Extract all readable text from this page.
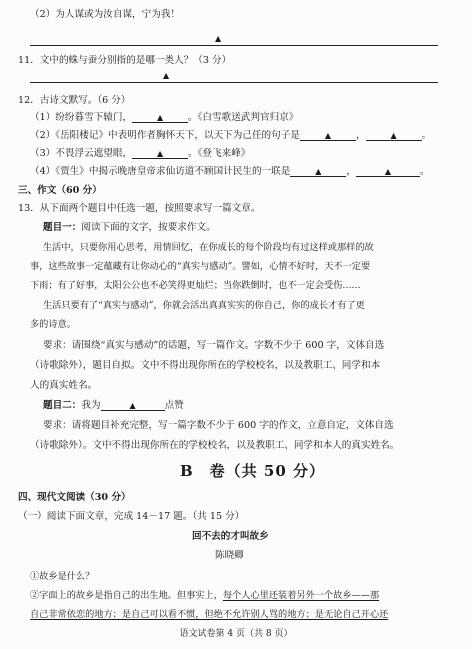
（2）为人谋或为汝自谋，宁为我！
▲
11．文中的蛛与蚕分别指的是哪一类人？（3 分）
▲
12．古诗文默写。（6 分）
（1）纷纷暮雪下辕门，	▲	。《白雪歌送武判官归京》
（2）《岳阳楼记》中表明作者胸怀天下，以天下为己任的句子是	▲	，	▲	。
（3）不畏浮云遮望眼，	▲	。《登飞来峰》
（4）《贾生》中揭示晚唐皇帝求仙访道不顾国计民生的一联是	▲	，	▲	。
三、作文（60 分）
13．从下面两个题目中任选一题，按照要求写一篇文章。
题目一：阅读下面的文字，按要求作文。
生活中，只要你用心思考，用情回忆，在你成长的每个阶段均有过这样或那样的故
事，这些故事一定蕴藏有让你动心的“真实与感动”。譬如，心情不好时，天不一定要
下雨；有了好事，太阳公公也不必笑得更灿烂；当你跌倒时，也不一定会受伤……
生活只要有了“真实与感动”，你就会活出真真实实的你自己，你的成长才有了更
多的诗意。
要求：请围绕“真实与感动”的话题，写一篇作文。字数不少于 600 字，文体自选
（诗歌除外），题目自拟。文中不得出现你所在的学校校名，以及教职工、同学和本
人的真实姓名。
题目二：我为	▲	点赞
要求：请将题目补充完整，写一篇字数不少于 600 字的作文，立意自定，文体自选
（诗歌除外）。文中不得出现你所在的学校校名，以及教职工、同学和本人的真实姓名。
B　卷（共 50 分）
四、现代文阅读（30 分）
（一）阅读下面文章，完成 14－17 题。（共 15 分）
回不去的才叫故乡
陈晓卿
①故乡是什么？
②字面上的故乡是指自己的出生地。但事实上，每个人心里还装着另外一个故乡——那
自己非常依恋的地方；是自己可以看不惯，但绝不允许别人骂的地方；是无论自己开心还
语文试卷第 4 页（共 8 页）
